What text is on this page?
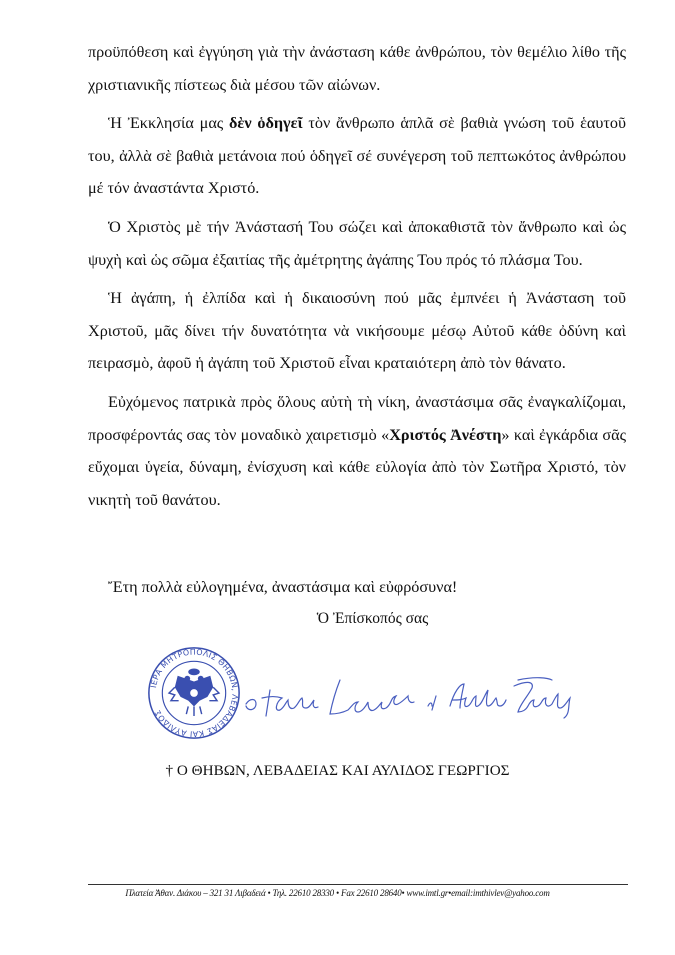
προϋπόθεση καὶ ἐγγύηση γιὰ τὴν ἀνάσταση κάθε ἀνθρώπου, τὸν θεμέλιο λίθο τῆς χριστιανικῆς πίστεως διὰ μέσου τῶν αἰώνων.

Ἡ Ἐκκλησία μας δὲν ὁδηγεῖ τὸν ἄνθρωπο ἁπλᾶ σὲ βαθιὰ γνώση τοῦ ἑαυτοῦ του, ἀλλὰ σὲ βαθιὰ μετάνοια πού ὁδηγεῖ σέ συνέγερση τοῦ πεπτωκότος ἀνθρώπου μέ τόν ἀναστάντα Χριστό.

Ὁ Χριστὸς μὲ τήν Ἀνάστασή Του σώζει καὶ ἀποκαθιστᾶ τὸν ἄνθρωπο καὶ ὡς ψυχὴ καὶ ὡς σῶμα ἐξαιτίας τῆς ἀμέτρητης ἀγάπης Του πρός τό πλάσμα Του.

Ἡ ἀγάπη, ἡ ἐλπίδα καὶ ἡ δικαιοσύνη πού μᾶς ἐμπνέει ἡ Ἀνάσταση τοῦ Χριστοῦ, μᾶς δίνει τήν δυνατότητα νὰ νικήσουμε μέσῳ Αὐτοῦ κάθε ὀδύνη καὶ πειρασμὸ, ἀφοῦ ἡ ἀγάπη τοῦ Χριστοῦ εἶναι κραταιότερη ἀπὸ τὸν θάνατο.

Εὐχόμενος πατρικὰ πρὸς ὅλους αὐτὴ τὴ νίκη, ἀναστάσιμα σᾶς ἐναγκαλίζομαι, προσφέροντάς σας τὸν μοναδικὸ χαιρετισμὸ «Χριστός Ἀνέστη» καὶ ἐγκάρδια σᾶς εὔχομαι ὑγεία, δύναμη, ἐνίσχυση καὶ κάθε εὐλογία ἀπὸ τὸν Σωτῆρα Χριστό, τὸν νικητὴ τοῦ θανάτου.

Ἔτη πολλὰ εὐλογημένα, ἀναστάσιμα καὶ εὐφρόσυνα!
Ὁ Ἐπίσκοπός σας
ΙΕΡΑ ΜΗΤΡΟΠΟΛΙΣ ΘΗΒΩΝ, ΛΕΒΑΔΕΙΑΣ ΚΑΙ ΑΥΛΙΔΟΣ
† Ο ΘΗΒΩΝ, ΛΕΒΑΔΕΙΑΣ ΚΑΙ ΑΥΛΙΔΟΣ ΓΕΩΡΓΙΟΣ
Πλατεία Ἀθαν. Διάκου – 321 31 Λιβαδειά • Τηλ. 22610 28330 • Fax 22610 28640• www.imtl.gr•email:imthivlev@yahoo.com
